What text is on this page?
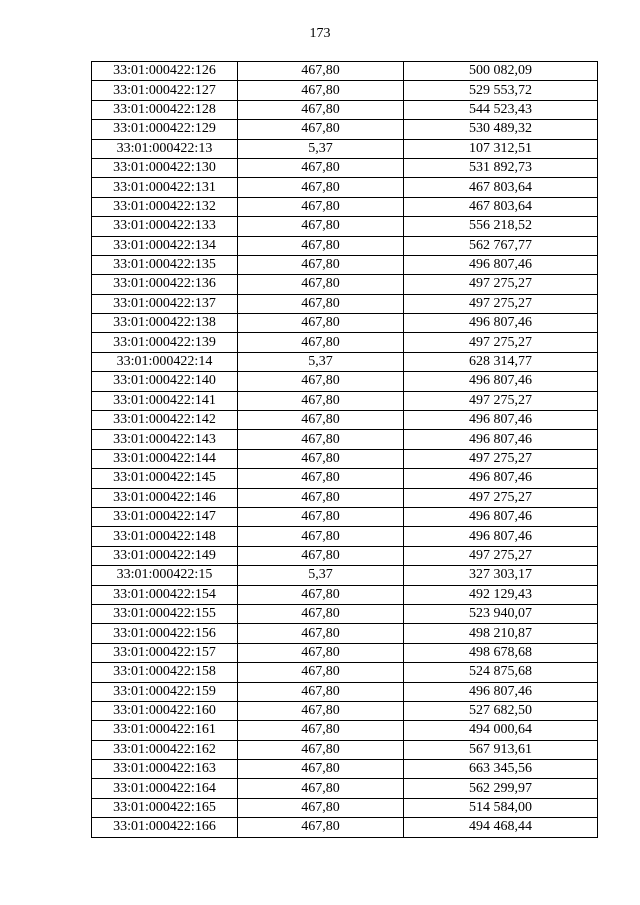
173
33:01:000422:126	467,80	500 082,09
33:01:000422:127	467,80	529 553,72
33:01:000422:128	467,80	544 523,43
33:01:000422:129	467,80	530 489,32
33:01:000422:13	5,37	107 312,51
33:01:000422:130	467,80	531 892,73
33:01:000422:131	467,80	467 803,64
33:01:000422:132	467,80	467 803,64
33:01:000422:133	467,80	556 218,52
33:01:000422:134	467,80	562 767,77
33:01:000422:135	467,80	496 807,46
33:01:000422:136	467,80	497 275,27
33:01:000422:137	467,80	497 275,27
33:01:000422:138	467,80	496 807,46
33:01:000422:139	467,80	497 275,27
33:01:000422:14	5,37	628 314,77
33:01:000422:140	467,80	496 807,46
33:01:000422:141	467,80	497 275,27
33:01:000422:142	467,80	496 807,46
33:01:000422:143	467,80	496 807,46
33:01:000422:144	467,80	497 275,27
33:01:000422:145	467,80	496 807,46
33:01:000422:146	467,80	497 275,27
33:01:000422:147	467,80	496 807,46
33:01:000422:148	467,80	496 807,46
33:01:000422:149	467,80	497 275,27
33:01:000422:15	5,37	327 303,17
33:01:000422:154	467,80	492 129,43
33:01:000422:155	467,80	523 940,07
33:01:000422:156	467,80	498 210,87
33:01:000422:157	467,80	498 678,68
33:01:000422:158	467,80	524 875,68
33:01:000422:159	467,80	496 807,46
33:01:000422:160	467,80	527 682,50
33:01:000422:161	467,80	494 000,64
33:01:000422:162	467,80	567 913,61
33:01:000422:163	467,80	663 345,56
33:01:000422:164	467,80	562 299,97
33:01:000422:165	467,80	514 584,00
33:01:000422:166	467,80	494 468,44
